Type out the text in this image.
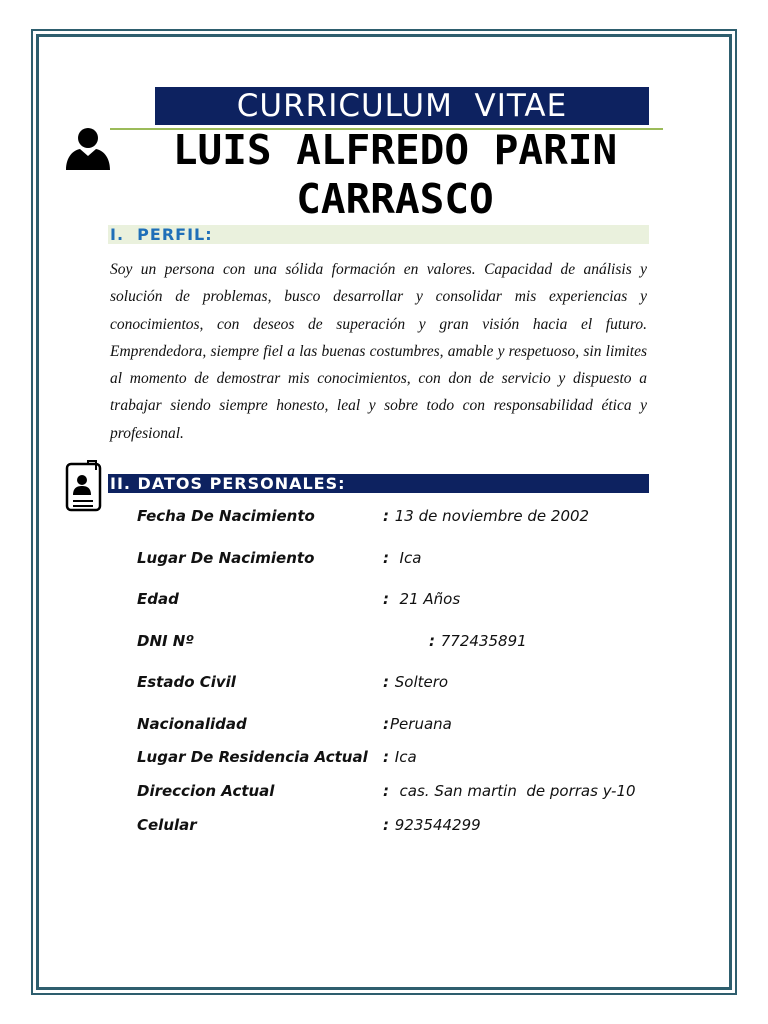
CURRICULUM  VITAE
LUIS ALFREDO PARIN CARRASCO
I.  PERFIL:
Soy un persona con una sólida formación en valores. Capacidad de análisis y solución de problemas, busco desarrollar y consolidar mis experiencias y conocimientos, con deseos de superación y gran visión hacia el futuro. Emprendedora, siempre fiel a las buenas costumbres, amable y respetuoso, sin limites al momento de demostrar mis conocimientos, con don de servicio y dispuesto a trabajar siendo siempre honesto, leal y sobre todo con responsabilidad ética y profesional.
II. DATOS PERSONALES:
Fecha De Nacimiento	: 13 de noviembre de 2002
Lugar De Nacimiento	: Ica
Edad	: 21 Años
DNI Nº	: 772435891
Estado Civil	: Soltero
Nacionalidad	: Peruana
Lugar De Residencia Actual : Ica
Direccion Actual	: cas. San martin  de porras y-10
Celular	: 923544299
